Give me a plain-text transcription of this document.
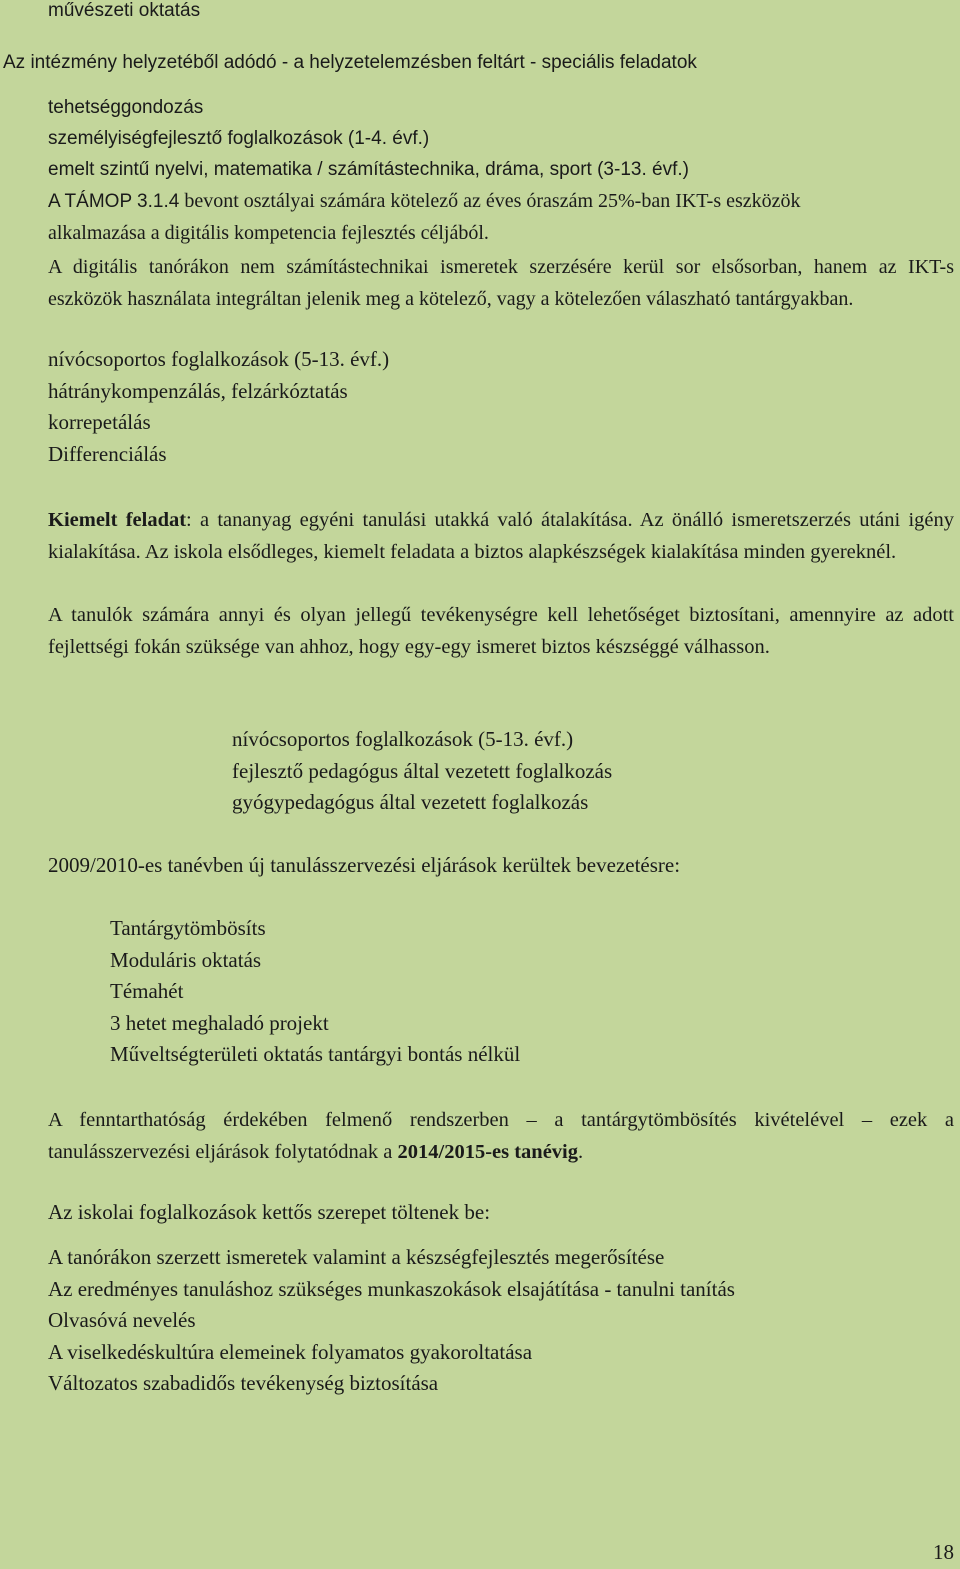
művészeti oktatás
Az intézmény helyzetéből adódó - a helyzetelemzésben feltárt - speciális feladatok
tehetséggondozás
személyiségfejlesztő foglalkozások (1-4. évf.)
emelt szintű nyelvi, matematika / számítástechnika, dráma, sport (3-13. évf.)
A TÁMOP 3.1.4 bevont osztályai számára kötelező az éves óraszám 25%-ban IKT-s eszközök
alkalmazása a digitális kompetencia fejlesztés céljából.
A digitális tanórákon nem számítástechnikai ismeretek szerzésére kerül sor elsősorban, hanem az IKT-s eszközök használata integráltan jelenik meg a kötelező, vagy a kötelezően válaszható tantárgyakban.
nívócsoportos foglalkozások (5-13. évf.)
hátránykompenzálás, felzárkóztatás
korrepetálás
Differenciálás
Kiemelt feladat: a tananyag egyéni tanulási utakká való átalakítása. Az önálló ismeretszerzés utáni igény kialakítása. Az iskola elsődleges, kiemelt feladata a biztos alapkészségek kialakítása minden gyereknél.
A tanulók számára annyi és olyan jellegű tevékenységre kell lehetőséget biztosítani, amennyire az adott fejlettségi fokán szüksége van ahhoz, hogy egy-egy ismeret biztos készséggé válhasson.
nívócsoportos foglalkozások (5-13. évf.)
fejlesztő pedagógus által vezetett foglalkozás
gyógypedagógus által vezetett foglalkozás
2009/2010-es tanévben új tanulásszervezési eljárások kerültek bevezetésre:
Tantárgytömbösíts
Moduláris oktatás
Témahét
3 hetet meghaladó projekt
Műveltségterületi oktatás tantárgyi bontás nélkül
A fenntarthatóság érdekében felmenő rendszerben – a tantárgytömbösítés kivételével – ezek a tanulásszervezési eljárások folytatódnak a 2014/2015-es tanévig.
Az iskolai foglalkozások kettős szerepet töltenek be:
A tanórákon szerzett ismeretek valamint a készségfejlesztés megerősítése
Az eredményes tanuláshoz szükséges munkaszokások elsajátítása - tanulni tanítás
Olvasóvá nevelés
A viselkedéskultúra elemeinek folyamatos gyakoroltatása
Változatos szabadidős tevékenység biztosítása
18
